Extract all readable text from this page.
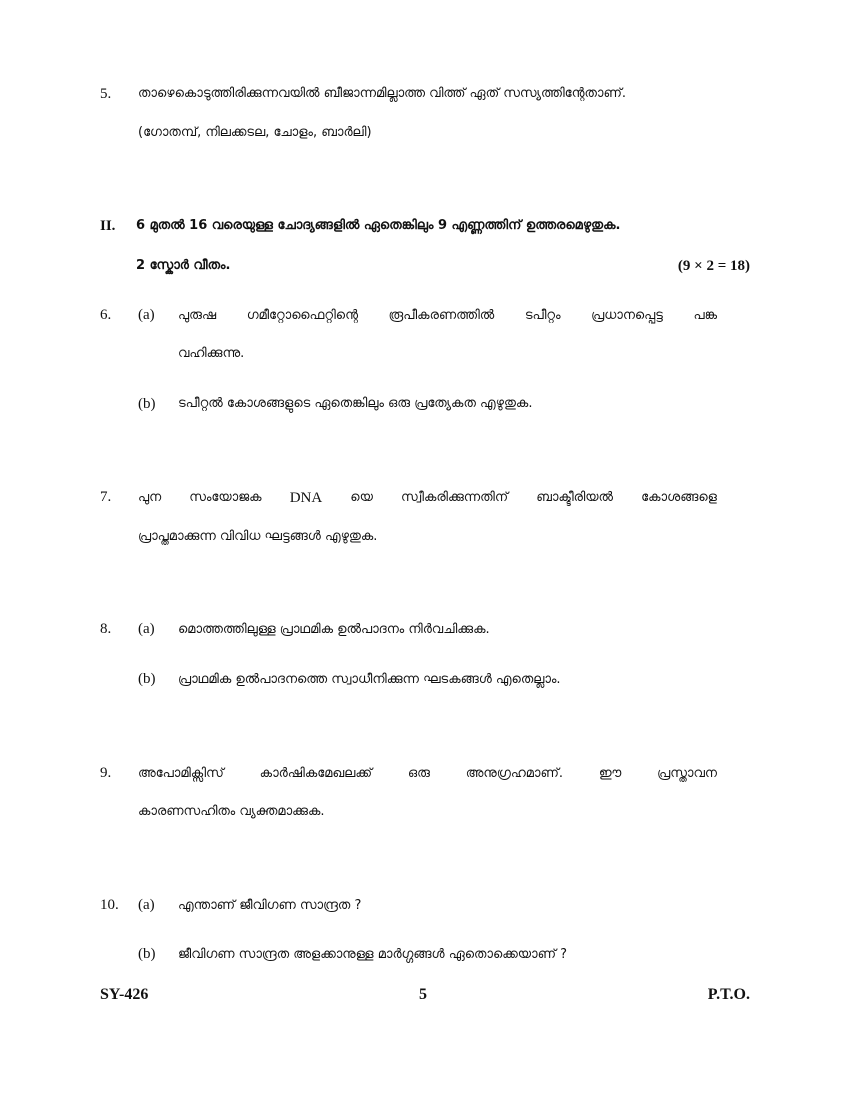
5. താഴെകൊടുത്തിരിക്കുന്നവയിൽ ബീജാന്നമില്ലാത്ത വിത്ത് ഏത് സസ്യത്തിന്റേതാണ്.
(ഗോതമ്പ്, നിലക്കടല, ചോളം, ബാർലി)
II. 6 മുതൽ 16 വരെയുള്ള ചോദ്യങ്ങളിൽ ഏതെങ്കിലും 9 എണ്ണത്തിന് ഉത്തരമെഴുതുക.
2 സ്കോർ വീതം.	(9 × 2 = 18)
6. (a) പുരുഷ ഗമീറ്റോഫൈറ്റിന്റെ രൂപീകരണത്തിൽ ടപീറ്റം പ്രധാനപ്പെട്ട പങ്ക
വഹിക്കുന്നു.
(b) ടപീറ്റൽ കോശങ്ങളുടെ ഏതെങ്കിലും ഒരു പ്രത്യേകത എഴുതുക.
7. പുന സംയോജക DNA യെ സ്വീകരിക്കുന്നതിന് ബാക്ടീരിയൽ കോശങ്ങളെ
പ്രാപ്തമാക്കുന്ന വിവിധ ഘട്ടങ്ങൾ എഴുതുക.
8. (a) മൊത്തത്തിലുള്ള പ്രാഥമിക ഉൽപാദനം നിർവചിക്കുക.
(b) പ്രാഥമിക ഉൽപാദനത്തെ സ്വാധീനിക്കുന്ന ഘടകങ്ങൾ എതെല്ലാം.
9. അപോമിക്സിസ്	കാർഷികമേഖലക്ക്	ഒരു	അനുഗ്രഹമാണ്.	ഈ	പ്രസ്താവന
കാരണസഹിതം വ്യക്തമാക്കുക.
10. (a) എന്താണ് ജീവിഗണ സാന്ദ്രത ?
(b) ജീവിഗണ സാന്ദ്രത അളക്കാനുള്ള മാർഗ്ഗങ്ങൾ ഏതൊക്കെയാണ് ?
SY-426	5	P.T.O.
